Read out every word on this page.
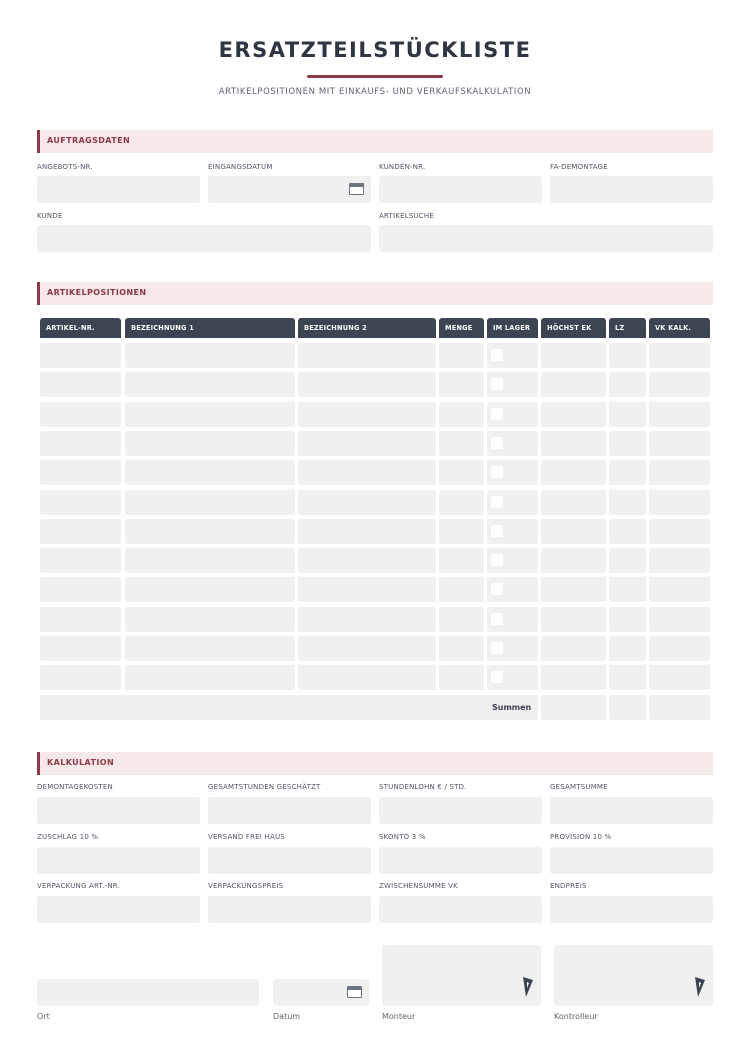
ERSATZTEILSTÜCKLISTE
ARTIKELPOSITIONEN MIT EINKAUFS- UND VERKAUFSKALKULATION
AUFTRAGSDATEN
ANGEBOTS-NR.	EINGANGSDATUM	KUNDEN-NR.	FA-DEMONTAGE
KUNDE	ARTIKELSUCHE
ARTIKELPOSITIONEN
ARTIKEL-NR.	BEZEICHNUNG 1	BEZEICHNUNG 2	MENGE	IM LAGER	HÖCHST EK	LZ	VK KALK.
Summen
KALKULATION
DEMONTAGEKOSTEN	GESAMTSTUNDEN GESCHÄTZT	STUNDENLOHN € / STD.	GESAMTSUMME
ZUSCHLAG 10 %	VERSAND FREI HAUS	SKONTO 3 %	PROVISION 10 %
VERPACKUNG ART.-NR.	VERPACKUNGSPREIS	ZWISCHENSUMME VK	ENDPREIS
Ort	Datum	Monteur	Kontrolleur
